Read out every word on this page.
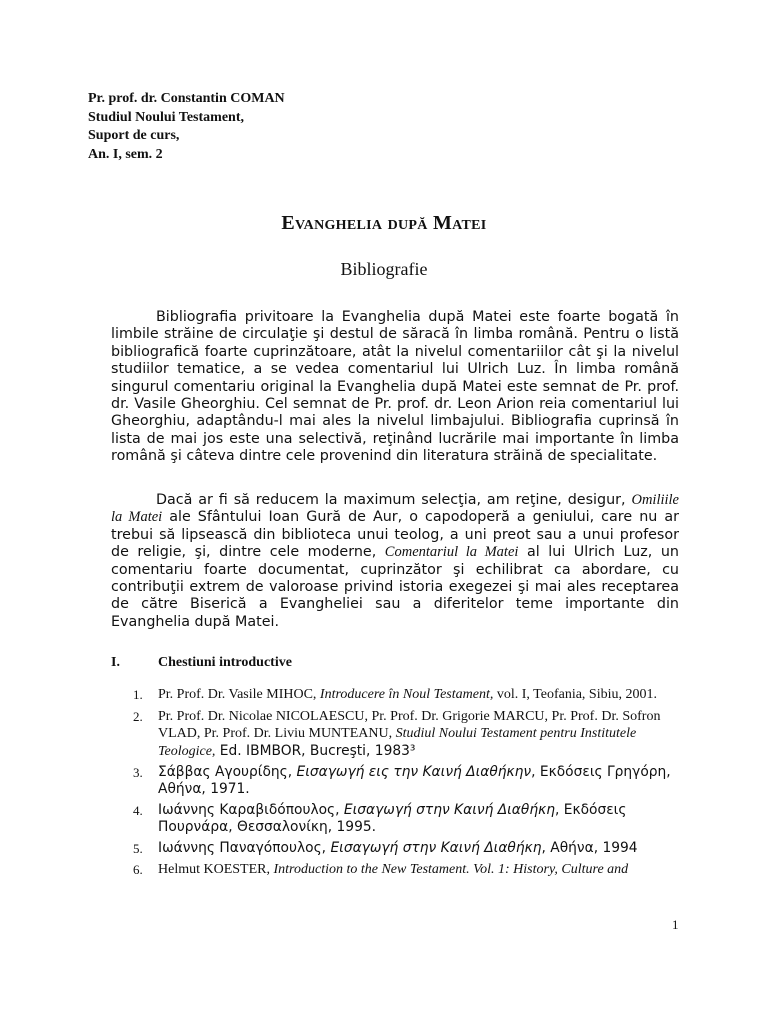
Pr. prof. dr. Constantin COMAN
Studiul Noului Testament,
Suport de curs,
An. I, sem. 2
Evanghelia după Matei
Bibliografie
Bibliografia privitoare la Evanghelia după Matei este foarte bogată în limbile străine de circulaţie şi destul de săracă în limba română. Pentru o listă bibliografică foarte cuprinzătoare, atât la nivelul comentariilor cât şi la nivelul studiilor tematice, a se vedea comentariul lui Ulrich Luz. În limba română singurul comentariu original la Evanghelia după Matei este semnat de Pr. prof. dr. Vasile Gheorghiu. Cel semnat de Pr. prof. dr. Leon Arion reia comentariul lui Gheorghiu, adaptându-l mai ales la nivelul limbajului. Bibliografia cuprinsă în lista de mai jos este una selectivă, reţinând lucrările mai importante în limba română şi câteva dintre cele provenind din literatura străină de specialitate.
Dacă ar fi să reducem la maximum selecţia, am reţine, desigur, Omiliile la Matei ale Sfântului Ioan Gură de Aur, o capodoperă a geniului, care nu ar trebui să lipsească din biblioteca unui teolog, a uni preot sau a unui profesor de religie, şi, dintre cele moderne, Comentariul la Matei al lui Ulrich Luz, un comentariu foarte documentat, cuprinzător şi echilibrat ca abordare, cu contribuţii extrem de valoroase privind istoria exegezei şi mai ales receptarea de către Biserică a Evangheliei sau a diferitelor teme importante din Evanghelia după Matei.
I.	Chestiuni introductive
1. Pr. Prof. Dr. Vasile MIHOC, Introducere în Noul Testament, vol. I, Teofania, Sibiu, 2001.
2. Pr. Prof. Dr. Nicolae NICOLAESCU, Pr. Prof. Dr. Grigorie MARCU, Pr. Prof. Dr. Sofron VLAD, Pr. Prof. Dr. Liviu MUNTEANU, Studiul Noului Testament pentru Institutele Teologice, Ed. IBMBOR, Bucreşti, 1983³
3. Σάββας Αγουρίδης, Εισαγωγή εις την Καινή Διαθήκην, Εκδόσεις Γρηγόρη, Αθήνα, 1971.
4. Ιωάννης Καραβιδόπουλος, Εισαγωγή στην Καινή Διαθήκη, Εκδόσεις Πουρνάρα, Θεσσαλονίκη, 1995.
5. Ιωάννης Παναγόπουλος, Εισαγωγή στην Καινή Διαθήκη, Αθήνα, 1994
6. Helmut KOESTER, Introduction to the New Testament. Vol. 1: History, Culture and
1
